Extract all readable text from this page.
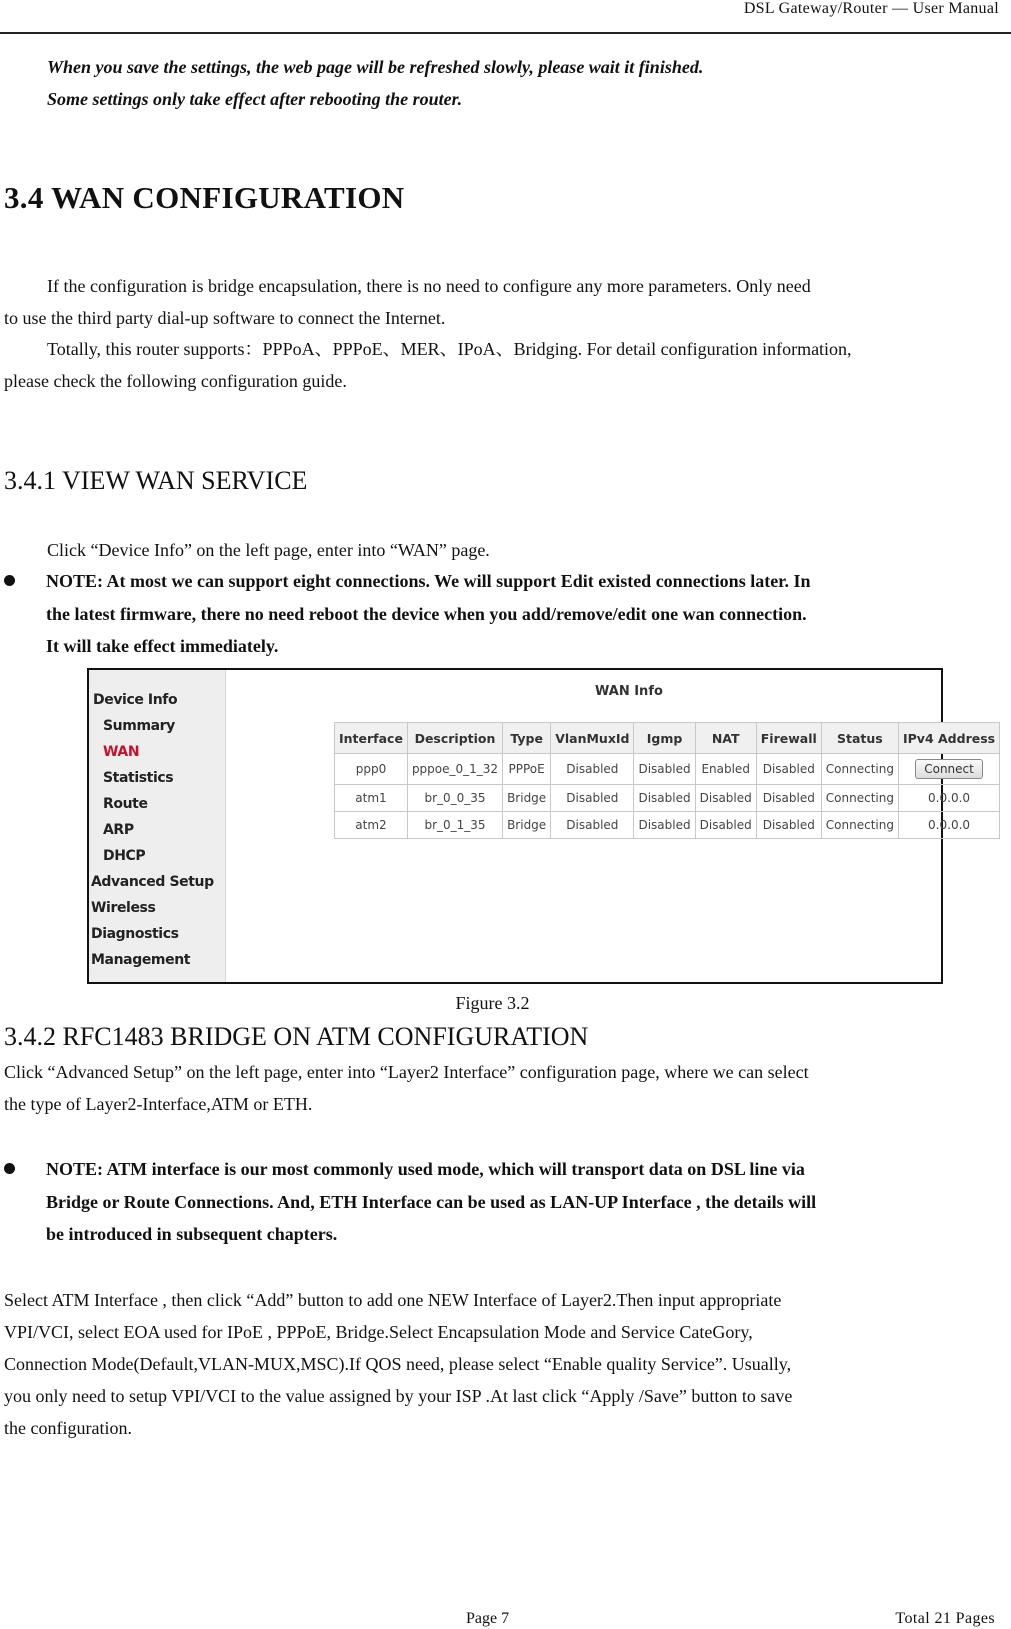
DSL Gateway/Router — User Manual
When you save the settings, the web page will be refreshed slowly, please wait it finished.
Some settings only take effect after rebooting the router.
3.4 WAN CONFIGURATION
If the configuration is bridge encapsulation, there is no need to configure any more parameters. Only need
to use the third party dial-up software to connect the Internet.
Totally, this router supports：PPPoA、PPPoE、MER、IPoA、Bridging. For detail configuration information,
please check the following configuration guide.
3.4.1 VIEW WAN SERVICE
Click “Device Info” on the left page, enter into “WAN” page.
NOTE: At most we can support eight connections. We will support Edit existed connections later. In
the latest firmware, there no need reboot the device when you add/remove/edit one wan connection.
It will take effect immediately.
Device Info
Summary
WAN
Statistics
Route
ARP
DHCP
Advanced Setup
Wireless
Diagnostics
Management
WAN Info
Interface	Description	Type	VlanMuxId	Igmp	NAT	Firewall	Status	IPv4 Address
ppp0	pppoe_0_1_32	PPPoE	Disabled	Disabled	Enabled	Disabled	Connecting	Connect
atm1	br_0_0_35	Bridge	Disabled	Disabled	Disabled	Disabled	Connecting	0.0.0.0
atm2	br_0_1_35	Bridge	Disabled	Disabled	Disabled	Disabled	Connecting	0.0.0.0
Figure 3.2
3.4.2 RFC1483 BRIDGE ON ATM CONFIGURATION
Click “Advanced Setup” on the left page, enter into “Layer2 Interface” configuration page, where we can select
the type of Layer2-Interface,ATM or ETH.
NOTE: ATM interface is our most commonly used mode, which will transport data on DSL line via
Bridge or Route Connections. And, ETH Interface can be used as LAN-UP Interface , the details will
be introduced in subsequent chapters.
Select ATM Interface , then click “Add” button to add one NEW Interface of Layer2.Then input appropriate
VPI/VCI, select EOA used for IPoE , PPPoE, Bridge.Select Encapsulation Mode and Service CateGory,
Connection Mode(Default,VLAN-MUX,MSC).If QOS need, please select “Enable quality Service”. Usually,
you only need to setup VPI/VCI to the value assigned by your ISP .At last click “Apply /Save” button to save
the configuration.
Page 7	Total 21 Pages
